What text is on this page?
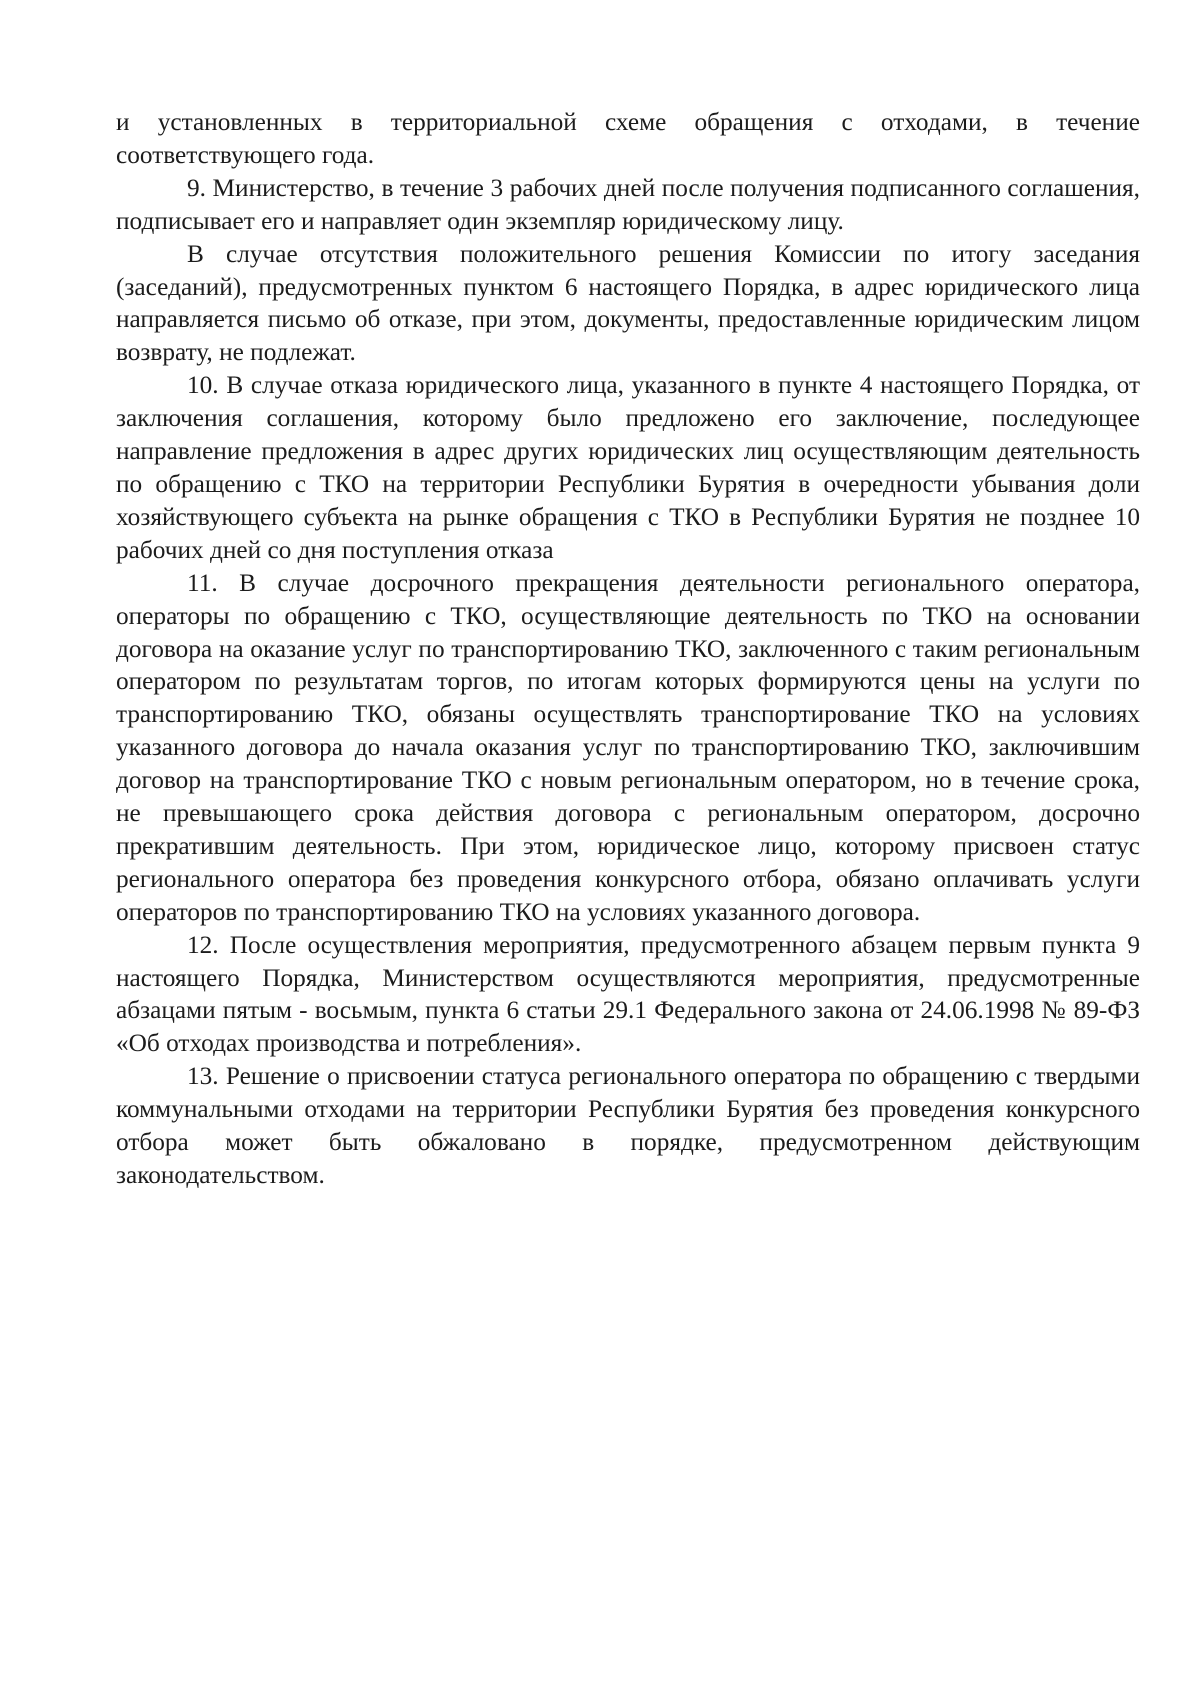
и установленных в территориальной схеме обращения с отходами, в течение соответствующего года.

9. Министерство, в течение 3 рабочих дней после получения подписанного соглашения, подписывает его и направляет один экземпляр юридическому лицу.

В случае отсутствия положительного решения Комиссии по итогу заседания (заседаний), предусмотренных пунктом 6 настоящего Порядка, в адрес юридического лица направляется письмо об отказе, при этом, документы, предоставленные юридическим лицом возврату, не подлежат.

10. В случае отказа юридического лица, указанного в пункте 4 настоящего Порядка, от заключения соглашения, которому было предложено его заключение, последующее направление предложения в адрес других юридических лиц осуществляющим деятельность по обращению с ТКО на территории Республики Бурятия в очередности убывания доли хозяйствующего субъекта на рынке обращения с ТКО в Республики Бурятия не позднее 10 рабочих дней со дня поступления отказа

11. В случае досрочного прекращения деятельности регионального оператора, операторы по обращению с ТКО, осуществляющие деятельность по ТКО на основании договора на оказание услуг по транспортированию ТКО, заключенного с таким региональным оператором по результатам торгов, по итогам которых формируются цены на услуги по транспортированию ТКО, обязаны осуществлять транспортирование ТКО на условиях указанного договора до начала оказания услуг по транспортированию ТКО, заключившим договор на транспортирование ТКО с новым региональным оператором, но в течение срока, не превышающего срока действия договора с региональным оператором, досрочно прекратившим деятельность. При этом, юридическое лицо, которому присвоен статус регионального оператора без проведения конкурсного отбора, обязано оплачивать услуги операторов по транспортированию ТКО на условиях указанного договора.

12. После осуществления мероприятия, предусмотренного абзацем первым пункта 9 настоящего Порядка, Министерством осуществляются мероприятия, предусмотренные абзацами пятым - восьмым, пункта 6 статьи 29.1 Федерального закона от 24.06.1998 № 89-ФЗ «Об отходах производства и потребления».

13. Решение о присвоении статуса регионального оператора по обращению с твердыми коммунальными отходами на территории Республики Бурятия без проведения конкурсного отбора может быть обжаловано в порядке, предусмотренном действующим законодательством.
